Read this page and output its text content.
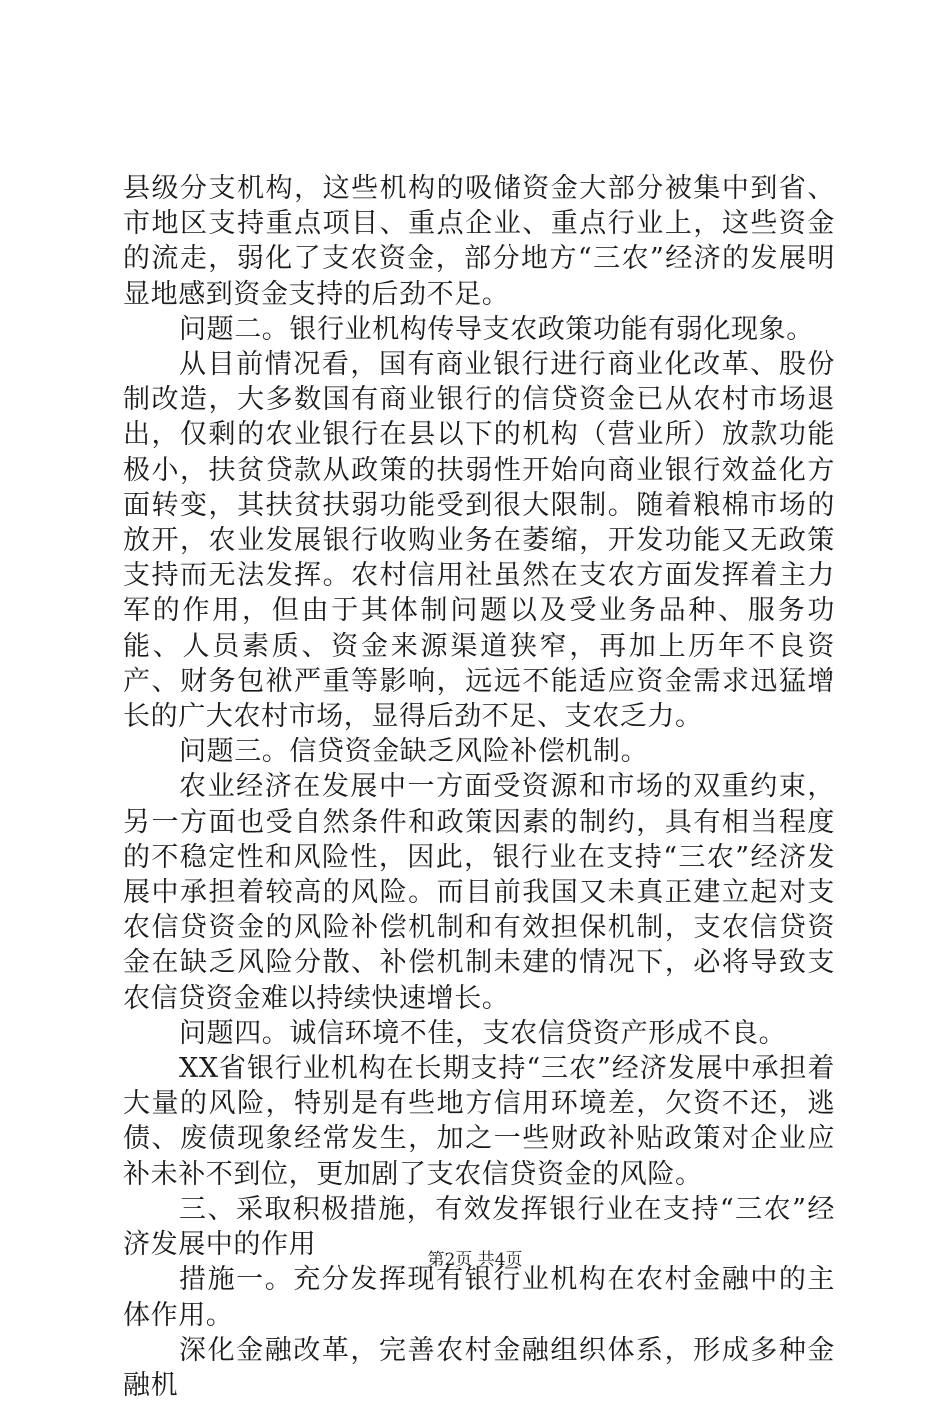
县级分支机构，这些机构的吸储资金大部分被集中到省、市地区支持重点项目、重点企业、重点行业上，这些资金的流走，弱化了支农资金，部分地方“三农”经济的发展明显地感到资金支持的后劲不足。

问题二。银行业机构传导支农政策功能有弱化现象。

从目前情况看，国有商业银行进行商业化改革、股份制改造，大多数国有商业银行的信贷资金已从农村市场退出，仅剩的农业银行在县以下的机构（营业所）放款功能极小，扶贫贷款从政策的扶弱性开始向商业银行效益化方面转变，其扶贫扶弱功能受到很大限制。随着粮棉市场的放开，农业发展银行收购业务在萎缩，开发功能又无政策支持而无法发挥。农村信用社虽然在支农方面发挥着主力军的作用，但由于其体制问题以及受业务品种、服务功能、人员素质、资金来源渠道狭窄，再加上历年不良资产、财务包袱严重等影响，远远不能适应资金需求迅猛增长的广大农村市场，显得后劲不足、支农乏力。

问题三。信贷资金缺乏风险补偿机制。

农业经济在发展中一方面受资源和市场的双重约束，另一方面也受自然条件和政策因素的制约，具有相当程度的不稳定性和风险性，因此，银行业在支持“三农”经济发展中承担着较高的风险。而目前我国又未真正建立起对支农信贷资金的风险补偿机制和有效担保机制，支农信贷资金在缺乏风险分散、补偿机制未建的情况下，必将导致支农信贷资金难以持续快速增长。

问题四。诚信环境不佳，支农信贷资产形成不良。

XX省银行业机构在长期支持“三农”经济发展中承担着大量的风险，特别是有些地方信用环境差，欠资不还，逃债、废债现象经常发生，加之一些财政补贴政策对企业应补未补不到位，更加剧了支农信贷资金的风险。

三、采取积极措施，有效发挥银行业在支持“三农”经济发展中的作用

措施一。充分发挥现有银行业机构在农村金融中的主体作用。

深化金融改革，完善农村金融组织体系，形成多种金融机

第2页 共4页
